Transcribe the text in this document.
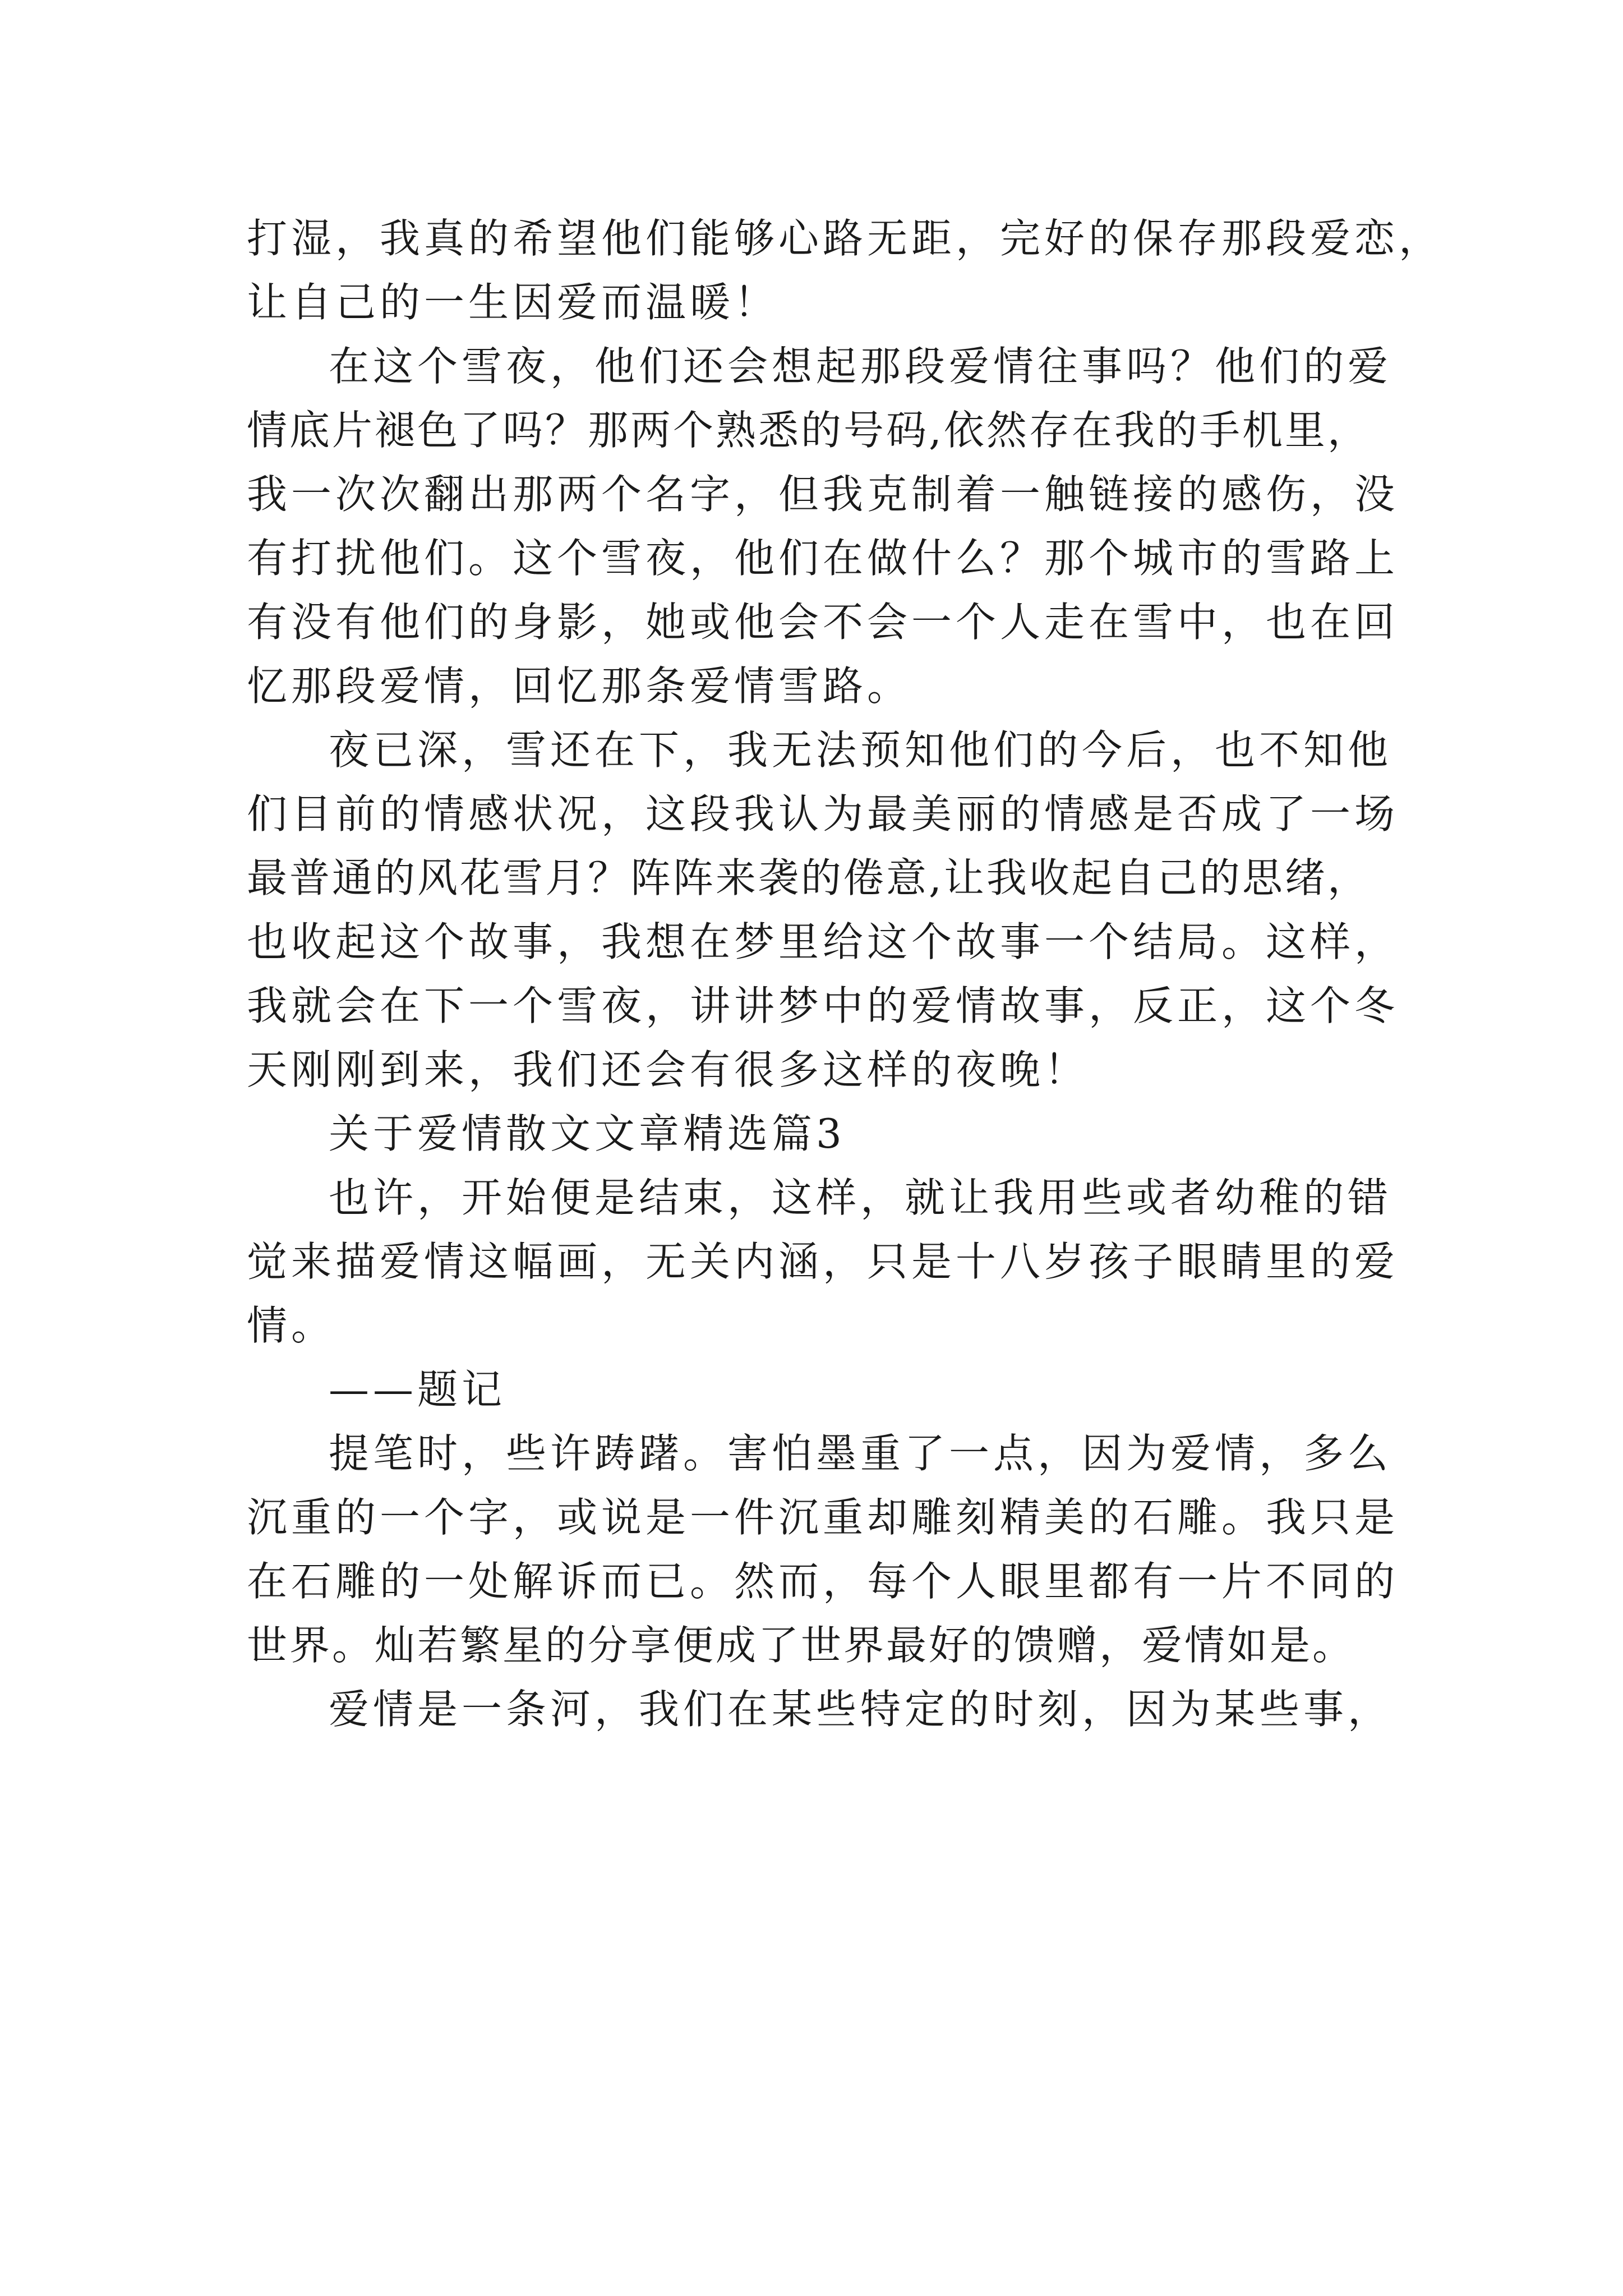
打湿，我真的希望他们能够心路无距，完好的保存那段爱恋，
让自己的一生因爱而温暖！
在这个雪夜，他们还会想起那段爱情往事吗？他们的爱
情底片褪色了吗？那两个熟悉的号码,依然存在我的手机里，
我一次次翻出那两个名字，但我克制着一触链接的感伤，没
有打扰他们。这个雪夜，他们在做什么？那个城市的雪路上
有没有他们的身影，她或他会不会一个人走在雪中，也在回
忆那段爱情，回忆那条爱情雪路。
夜已深，雪还在下，我无法预知他们的今后，也不知他
们目前的情感状况，这段我认为最美丽的情感是否成了一场
最普通的风花雪月？阵阵来袭的倦意,让我收起自己的思绪，
也收起这个故事，我想在梦里给这个故事一个结局。这样，
我就会在下一个雪夜，讲讲梦中的爱情故事，反正，这个冬
天刚刚到来，我们还会有很多这样的夜晚！
关于爱情散文文章精选篇3
也许，开始便是结束，这样，就让我用些或者幼稚的错
觉来描爱情这幅画，无关内涵，只是十八岁孩子眼睛里的爱
情。
——题记
提笔时，些许踌躇。害怕墨重了一点，因为爱情，多么
沉重的一个字，或说是一件沉重却雕刻精美的石雕。我只是
在石雕的一处解诉而已。然而，每个人眼里都有一片不同的
世界。灿若繁星的分享便成了世界最好的馈赠，爱情如是。
爱情是一条河，我们在某些特定的时刻，因为某些事，
